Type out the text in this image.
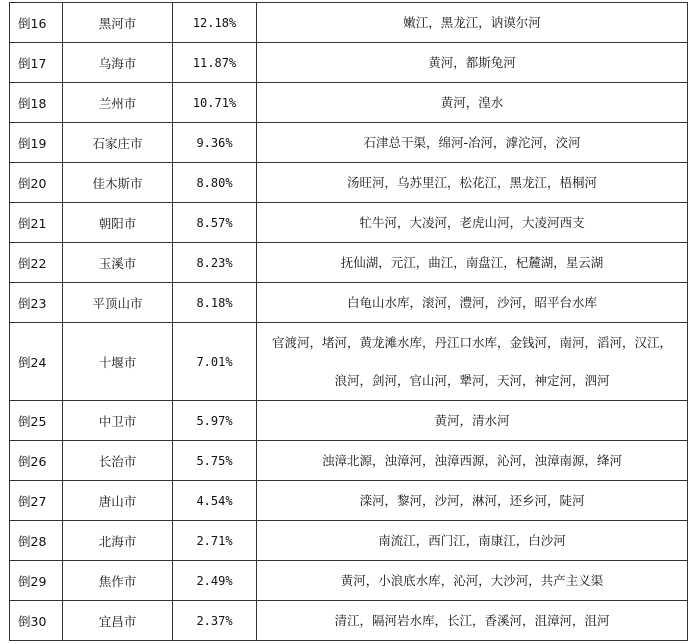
倒16	黑河市	12.18%	嫩江，黑龙江，讷谟尔河
倒17	乌海市	11.87%	黄河，都斯兔河
倒18	兰州市	10.71%	黄河，湟水
倒19	石家庄市	9.36%	石津总干渠，绵河-冶河，滹沱河，洨河
倒20	佳木斯市	8.80%	汤旺河，乌苏里江，松花江，黑龙江，梧桐河
倒21	朝阳市	8.57%	牤牛河，大凌河，老虎山河，大凌河西支
倒22	玉溪市	8.23%	抚仙湖，元江，曲江，南盘江，杞麓湖，星云湖
倒23	平顶山市	8.18%	白龟山水库，滚河，澧河，沙河，昭平台水库
倒24	十堰市	7.01%	官渡河，堵河，黄龙滩水库，丹江口水库，金钱河，南河，滔河，汉江，浪河，剑河，官山河，犟河，天河，神定河，泗河
倒25	中卫市	5.97%	黄河，清水河
倒26	长治市	5.75%	浊漳北源，浊漳河，浊漳西源，沁河，浊漳南源，绛河
倒27	唐山市	4.54%	滦河，黎河，沙河，淋河，还乡河，陡河
倒28	北海市	2.71%	南流江，西门江，南康江，白沙河
倒29	焦作市	2.49%	黄河，小浪底水库，沁河，大沙河，共产主义渠
倒30	宜昌市	2.37%	清江，隔河岩水库，长江，香溪河，沮漳河，沮河
